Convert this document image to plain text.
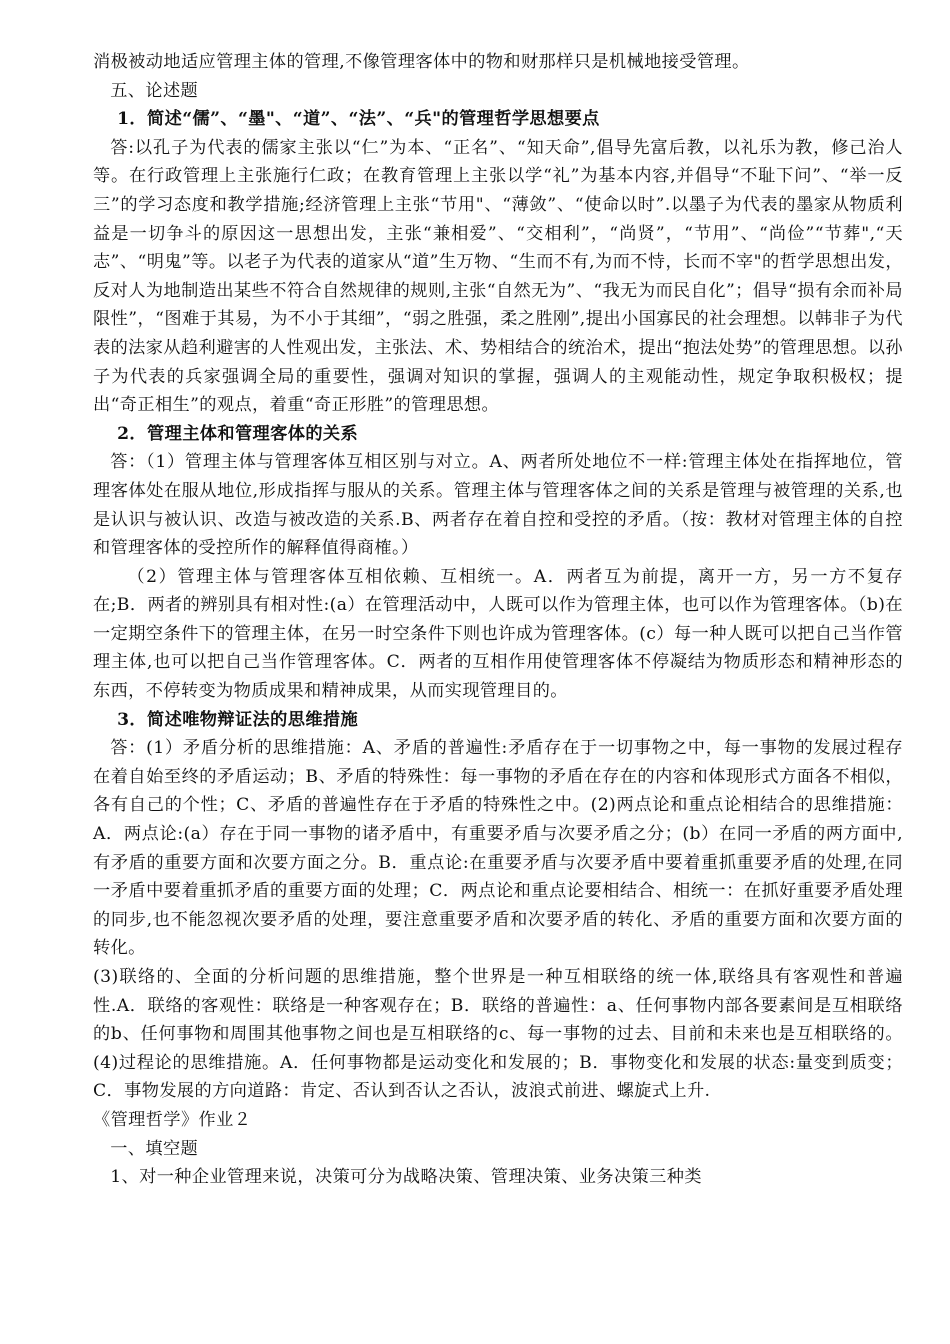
消极被动地适应管理主体的管理,不像管理客体中的物和财那样只是机械地接受管理。

五、论述题

1．简述“儒”、“墨"、“道”、“法”、“兵"的管理哲学思想要点

答:以孔子为代表的儒家主张以“仁”为本、“正名”、“知天命”,倡导先富后教，以礼乐为教，修己治人等。在行政管理上主张施行仁政；在教育管理上主张以学“礼”为基本内容,并倡导“不耻下问”、“举一反三”的学习态度和教学措施;经济管理上主张“节用"、“薄敛”、“使命以时”.以墨子为代表的墨家从物质利益是一切争斗的原因这一思想出发，主张“兼相爱”、“交相利”，“尚贤”，“节用”、“尚俭”“节葬",“天志”、“明鬼”等。以老子为代表的道家从“道”生万物、“生而不有,为而不恃，长而不宰"的哲学思想出发，反对人为地制造出某些不符合自然规律的规则,主张“自然无为”、“我无为而民自化”；倡导“损有余而补局限性”，“图难于其易，为不小于其细”，“弱之胜强，柔之胜刚”,提出小国寡民的社会理想。以韩非子为代表的法家从趋利避害的人性观出发，主张法、术、势相结合的统治术，提出“抱法处势”的管理思想。以孙子为代表的兵家强调全局的重要性，强调对知识的掌握，强调人的主观能动性，规定争取积极权；提出“奇正相生”的观点，着重“奇正形胜”的管理思想。

2．管理主体和管理客体的关系

答：（1）管理主体与管理客体互相区别与对立。A、两者所处地位不一样:管理主体处在指挥地位，管理客体处在服从地位,形成指挥与服从的关系。管理主体与管理客体之间的关系是管理与被管理的关系,也是认识与被认识、改造与被改造的关系.B、两者存在着自控和受控的矛盾。（按：教材对管理主体的自控和管理客体的受控所作的解释值得商榷。）

（2）管理主体与管理客体互相依赖、互相统一。A．两者互为前提，离开一方，另一方不复存在;B．两者的辨别具有相对性:(a）在管理活动中，人既可以作为管理主体，也可以作为管理客体。（b)在一定期空条件下的管理主体，在另一时空条件下则也许成为管理客体。(c）每一种人既可以把自己当作管理主体,也可以把自己当作管理客体。C．两者的互相作用使管理客体不停凝结为物质形态和精神形态的东西，不停转变为物质成果和精神成果，从而实现管理目的。

3．简述唯物辩证法的思维措施

答：(1）矛盾分析的思维措施：A、矛盾的普遍性:矛盾存在于一切事物之中，每一事物的发展过程存在着自始至终的矛盾运动；B、矛盾的特殊性：每一事物的矛盾在存在的内容和体现形式方面各不相似，各有自己的个性；C、矛盾的普遍性存在于矛盾的特殊性之中。(2)两点论和重点论相结合的思维措施：A．两点论:(a）存在于同一事物的诸矛盾中，有重要矛盾与次要矛盾之分；(b）在同一矛盾的两方面中,有矛盾的重要方面和次要方面之分。B．重点论:在重要矛盾与次要矛盾中要着重抓重要矛盾的处理,在同一矛盾中要着重抓矛盾的重要方面的处理；C．两点论和重点论要相结合、相统一：在抓好重要矛盾处理的同步,也不能忽视次要矛盾的处理，要注意重要矛盾和次要矛盾的转化、矛盾的重要方面和次要方面的转化。

(3)联络的、全面的分析问题的思维措施，整个世界是一种互相联络的统一体,联络具有客观性和普遍性.A．联络的客观性：联络是一种客观存在；B．联络的普遍性：a、任何事物内部各要素间是互相联络的b、任何事物和周围其他事物之间也是互相联络的c、每一事物的过去、目前和未来也是互相联络的。(4)过程论的思维措施。A．任何事物都是运动变化和发展的；B．事物变化和发展的状态:量变到质变；C．事物发展的方向道路：肯定、否认到否认之否认，波浪式前进、螺旋式上升.

《管理哲学》作业２

一、填空题

1、对一种企业管理来说，决策可分为战略决策、管理决策、业务决策三种类
